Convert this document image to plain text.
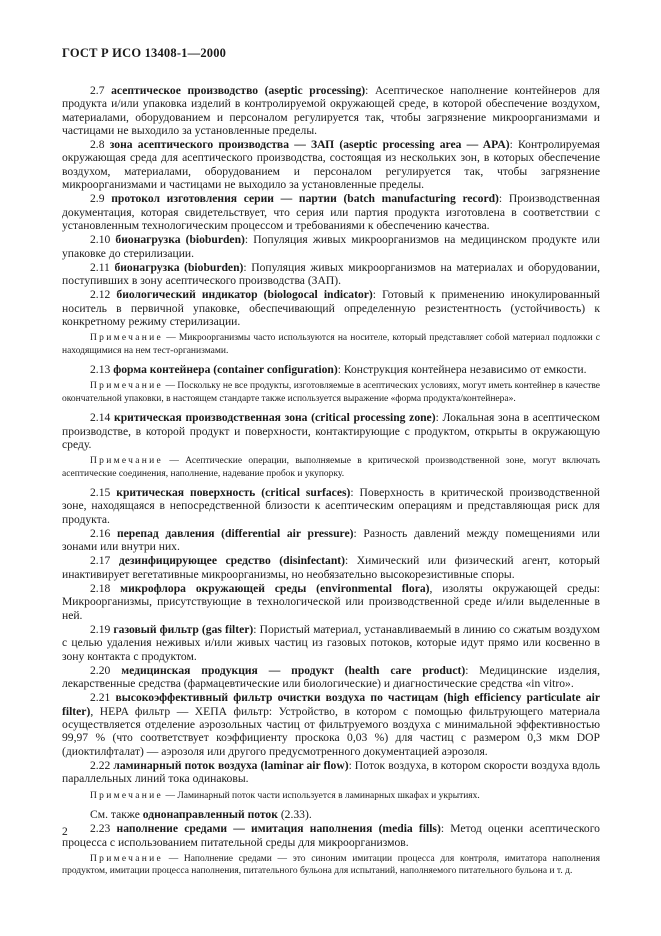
ГОСТ Р ИСО 13408-1—2000

2.7 асептическое производство (aseptic processing): Асептическое наполнение контейнеров для продукта и/или упаковка изделий в контролируемой окружающей среде, в которой обеспечение воздухом, материалами, оборудованием и персоналом регулируется так, чтобы загрязнение микроорганизмами и частицами не выходило за установленные пределы.

2.8 зона асептического производства — ЗАП (aseptic processing area — APA): Контролируемая окружающая среда для асептического производства, состоящая из нескольких зон, в которых обеспечение воздухом, материалами, оборудованием и персоналом регулируется так, чтобы загрязнение микроорганизмами и частицами не выходило за установленные пределы.

2.9 протокол изготовления серии — партии (batch manufacturing record): Производственная документация, которая свидетельствует, что серия или партия продукта изготовлена в соответствии с установленным технологическим процессом и требованиями к обеспечению качества.

2.10 бионагрузка (bioburden): Популяция живых микроорганизмов на медицинском продукте или упаковке до стерилизации.

2.11 бионагрузка (bioburden): Популяция живых микроорганизмов на материалах и оборудовании, поступивших в зону асептического производства (ЗАП).

2.12 биологический индикатор (biologocal indicator): Готовый к применению инокулированный носитель в первичной упаковке, обеспечивающий определенную резистентность (устойчивость) к конкретному режиму стерилизации.

Примечание — Микроорганизмы часто используются на носителе, который представляет собой материал подложки с находящимися на нем тест-организмами.

2.13 форма контейнера (container configuration): Конструкция контейнера независимо от емкости.

Примечание — Поскольку не все продукты, изготовляемые в асептических условиях, могут иметь контейнер в качестве окончательной упаковки, в настоящем стандарте также используется выражение «форма продукта/контейнера».

2.14 критическая производственная зона (critical processing zone): Локальная зона в асептическом производстве, в которой продукт и поверхности, контактирующие с продуктом, открыты в окружающую среду.

Примечание — Асептические операции, выполняемые в критической производственной зоне, могут включать асептические соединения, наполнение, надевание пробок и укупорку.

2.15 критическая поверхность (critical surfaces): Поверхность в критической производственной зоне, находящаяся в непосредственной близости к асептическим операциям и представляющая риск для продукта.

2.16 перепад давления (differential air pressure): Разность давлений между помещениями или зонами или внутри них.

2.17 дезинфицирующее средство (disinfectant): Химический или физический агент, который инактивирует вегетативные микроорганизмы, но необязательно высокорезистивные споры.

2.18 микрофлора окружающей среды (environmental flora), изоляты окружающей среды: Микроорганизмы, присутствующие в технологической или производственной среде и/или выделенные в ней.

2.19 газовый фильтр (gas filter): Пористый материал, устанавливаемый в линию со сжатым воздухом с целью удаления неживых и/или живых частиц из газовых потоков, которые идут прямо или косвенно в зону контакта с продуктом.

2.20 медицинская продукция — продукт (health care product): Медицинские изделия, лекарственные средства (фармацевтические или биологические) и диагностические средства «in vitro».

2.21 высокоэффективный фильтр очистки воздуха по частицам (high efficiency particulate air filter), HEPA фильтр — ХЕПА фильтр: Устройство, в котором с помощью фильтрующего материала осуществляется отделение аэрозольных частиц от фильтруемого воздуха с минимальной эффективностью 99,97 % (что соответствует коэффициенту проскока 0,03 %) для частиц с размером 0,3 мкм DOP (диоктилфталат) — аэрозоля или другого предусмотренного документацией аэрозоля.

2.22 ламинарный поток воздуха (laminar air flow): Поток воздуха, в котором скорости воздуха вдоль параллельных линий тока одинаковы.

Примечание — Ламинарный поток части используется в ламинарных шкафах и укрытиях.

См. также однонаправленный поток (2.33).

2.23 наполнение средами — имитация наполнения (media fills): Метод оценки асептического процесса с использованием питательной среды для микроорганизмов.

Примечание — Наполнение средами — это синоним имитации процесса для контроля, имитатора наполнения продуктом, имитации процесса наполнения, питательного бульона для испытаний, наполняемого питательного бульона и т. д.

2
